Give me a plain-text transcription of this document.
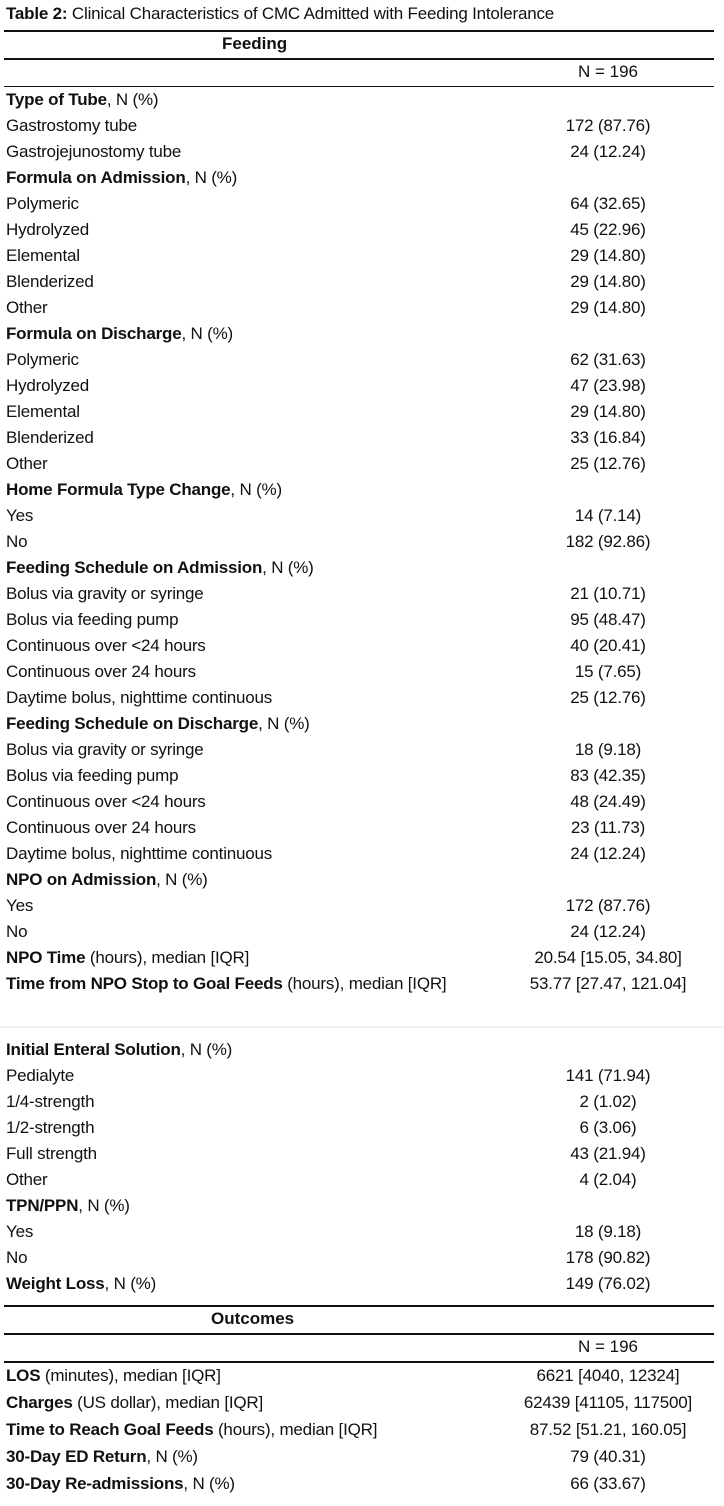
Table 2: Clinical Characteristics of CMC Admitted with Feeding Intolerance
Feeding
N = 196
Type of Tube, N (%)
Gastrostomy tube	172 (87.76)
Gastrojejunostomy tube	24 (12.24)
Formula on Admission, N (%)
Polymeric	64 (32.65)
Hydrolyzed	45 (22.96)
Elemental	29 (14.80)
Blenderized	29 (14.80)
Other	29 (14.80)
Formula on Discharge, N (%)
Polymeric	62 (31.63)
Hydrolyzed	47 (23.98)
Elemental	29 (14.80)
Blenderized	33 (16.84)
Other	25 (12.76)
Home Formula Type Change, N (%)
Yes	14 (7.14)
No	182 (92.86)
Feeding Schedule on Admission, N (%)
Bolus via gravity or syringe	21 (10.71)
Bolus via feeding pump	95 (48.47)
Continuous over <24 hours	40 (20.41)
Continuous over 24 hours	15 (7.65)
Daytime bolus, nighttime continuous	25 (12.76)
Feeding Schedule on Discharge, N (%)
Bolus via gravity or syringe	18 (9.18)
Bolus via feeding pump	83 (42.35)
Continuous over <24 hours	48 (24.49)
Continuous over 24 hours	23 (11.73)
Daytime bolus, nighttime continuous	24 (12.24)
NPO on Admission, N (%)
Yes	172 (87.76)
No	24 (12.24)
NPO Time (hours), median [IQR]	20.54 [15.05, 34.80]
Time from NPO Stop to Goal Feeds (hours), median [IQR]	53.77 [27.47, 121.04]
Initial Enteral Solution, N (%)
Pedialyte	141 (71.94)
1/4-strength	2 (1.02)
1/2-strength	6 (3.06)
Full strength	43 (21.94)
Other	4 (2.04)
TPN/PPN, N (%)
Yes	18 (9.18)
No	178 (90.82)
Weight Loss, N (%)	149 (76.02)
Outcomes
N = 196
LOS (minutes), median [IQR]	6621 [4040, 12324]
Charges (US dollar), median [IQR]	62439 [41105, 117500]
Time to Reach Goal Feeds (hours), median [IQR]	87.52 [51.21, 160.05]
30-Day ED Return, N (%)	79 (40.31)
30-Day Re-admissions, N (%)	66 (33.67)
